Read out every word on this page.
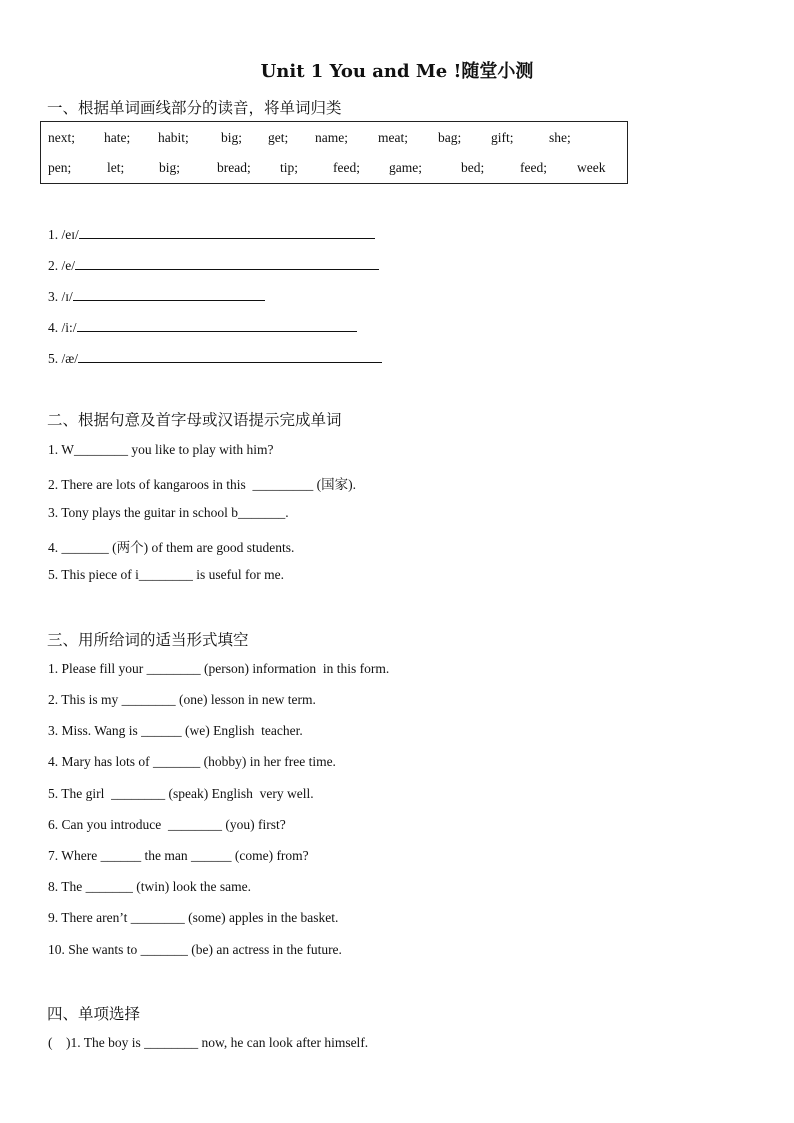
Unit 1 You and Me !随堂小测
一、根据单词画线部分的读音，将单词归类
next; hate; habit; big; get; name; meat; bag; gift;	she;
pen;	let;	big;	bread; tip;	feed; game;	bed;	feed; week
1. /eɪ/
2. /e/
3. /ɪ/
4. /i:/
5. /æ/
二、根据句意及首字母或汉语提示完成单词
1. W________ you like to play with him?
2. There are lots of kangaroos in this  _________ (国家).
3. Tony plays the guitar in school b_______.
4. _______ (两个) of them are good students.
5. This piece of i________ is useful for me.
三、用所给词的适当形式填空
1. Please fill your ________ (person) information  in this form.
2. This is my ________ (one) lesson in new term.
3. Miss. Wang is ______ (we) English  teacher.
4. Mary has lots of _______ (hobby) in her free time.
5. The girl  ________ (speak) English  very well.
6. Can you introduce  ________ (you) first?
7. Where ______ the man ______ (come) from?
8. The _______ (twin) look the same.
9. There aren’t ________ (some) apples in the basket.
10. She wants to _______ (be) an actress in the future.
四、单项选择
(    )1. The boy is ________ now, he can look after himself.
